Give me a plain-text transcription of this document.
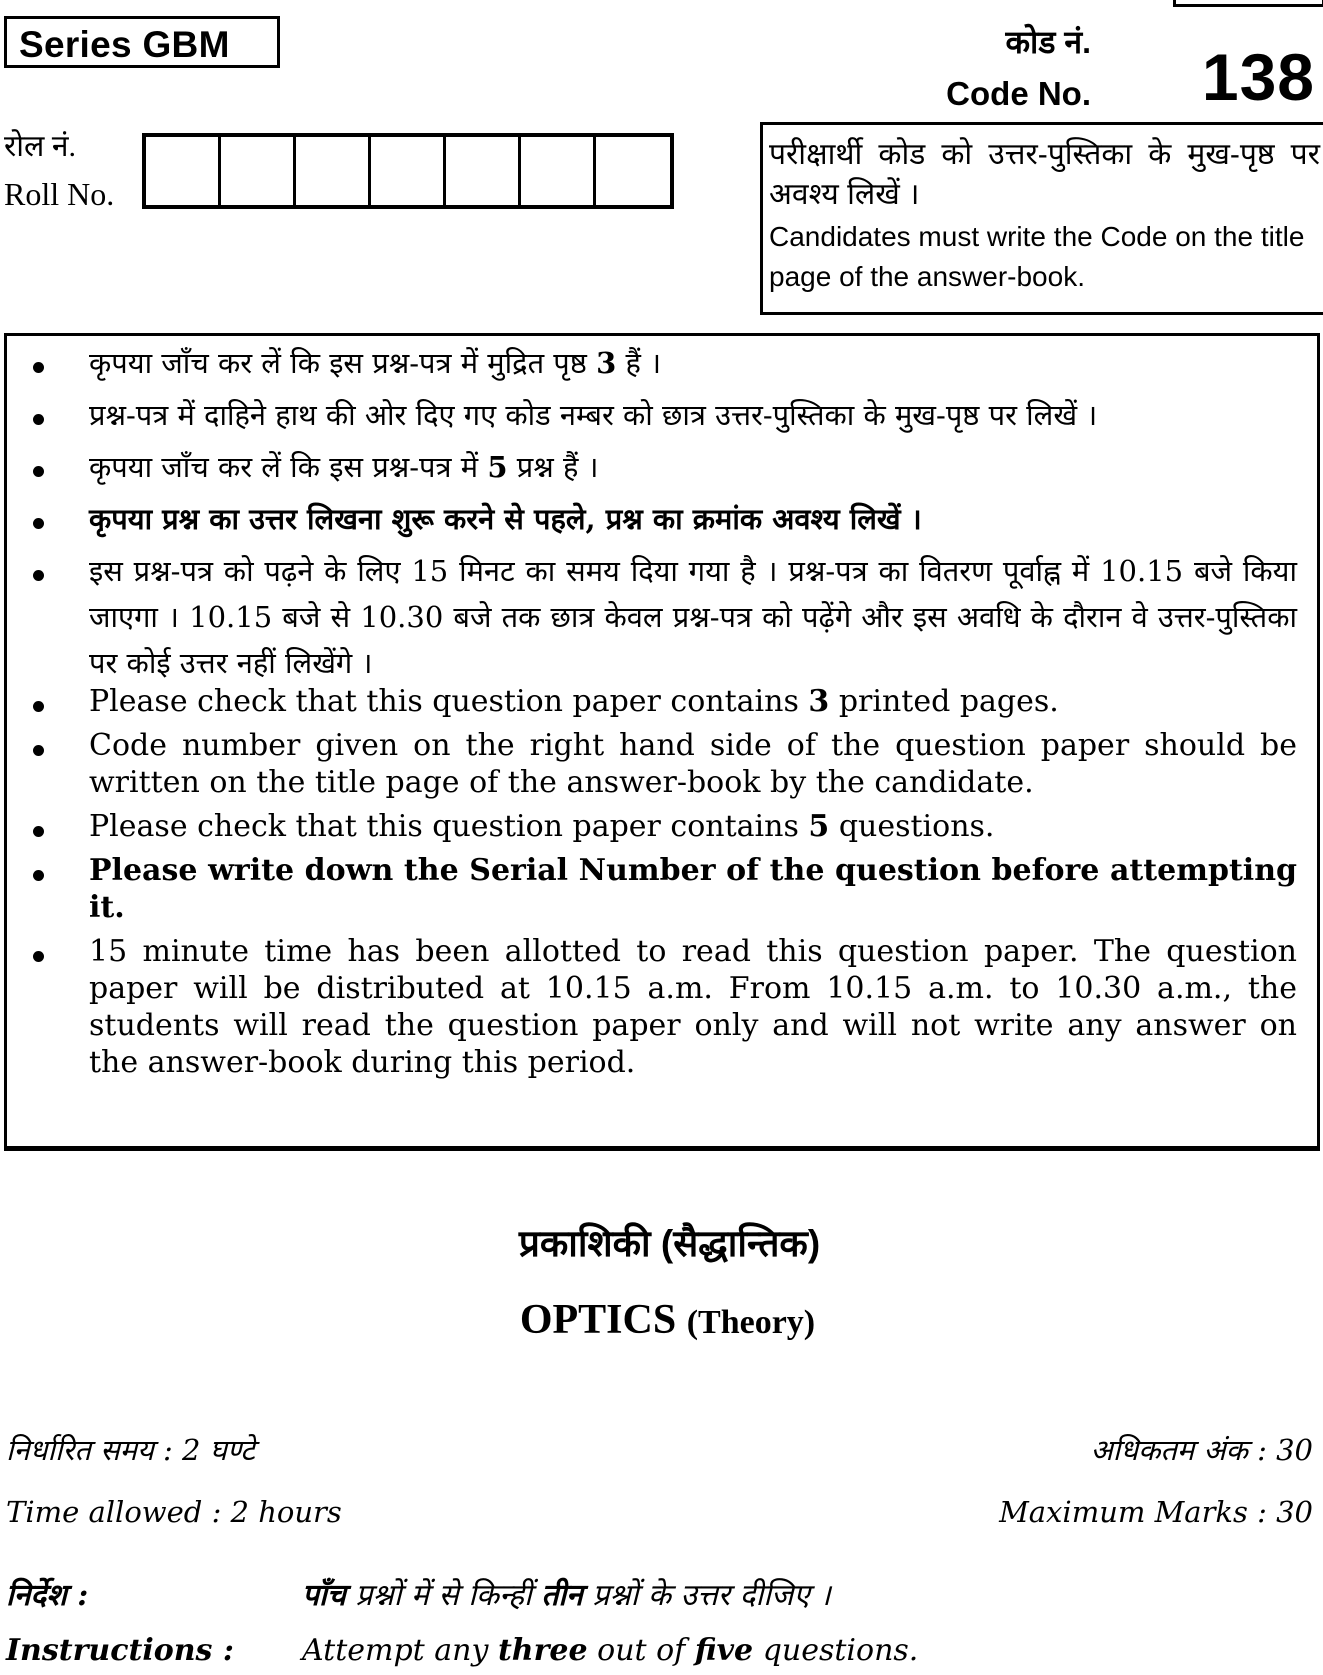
Series GBM
रोल नं.
Roll No.
कोड नं.
Code No. 138
परीक्षार्थी कोड को उत्तर-पुस्तिका के मुख-पृष्ठ पर अवश्य लिखें ।
Candidates must write the Code on the title page of the answer-book.
कृपया जाँच कर लें कि इस प्रश्न-पत्र में मुद्रित पृष्ठ 3 हैं ।
प्रश्न-पत्र में दाहिने हाथ की ओर दिए गए कोड नम्बर को छात्र उत्तर-पुस्तिका के मुख-पृष्ठ पर लिखें ।
कृपया जाँच कर लें कि इस प्रश्न-पत्र में 5 प्रश्न हैं ।
कृपया प्रश्न का उत्तर लिखना शुरू करने से पहले, प्रश्न का क्रमांक अवश्य लिखें ।
इस प्रश्न-पत्र को पढ़ने के लिए 15 मिनट का समय दिया गया है । प्रश्न-पत्र का वितरण पूर्वाह्न में 10.15 बजे किया जाएगा । 10.15 बजे से 10.30 बजे तक छात्र केवल प्रश्न-पत्र को पढ़ेंगे और इस अवधि के दौरान वे उत्तर-पुस्तिका पर कोई उत्तर नहीं लिखेंगे ।
Please check that this question paper contains 3 printed pages.
Code number given on the right hand side of the question paper should be written on the title page of the answer-book by the candidate.
Please check that this question paper contains 5 questions.
Please write down the Serial Number of the question before attempting it.
15 minute time has been allotted to read this question paper. The question paper will be distributed at 10.15 a.m. From 10.15 a.m. to 10.30 a.m., the students will read the question paper only and will not write any answer on the answer-book during this period.
प्रकाशिकी (सैद्धान्तिक)
OPTICS (Theory)
निर्धारित समय : 2 घण्टे
Time allowed : 2 hours
अधिकतम अंक : 30
Maximum Marks : 30
निर्देश :	पाँच प्रश्नों में से किन्हीं तीन प्रश्नों के उत्तर दीजिए ।
Instructions : Attempt any three out of five questions.
